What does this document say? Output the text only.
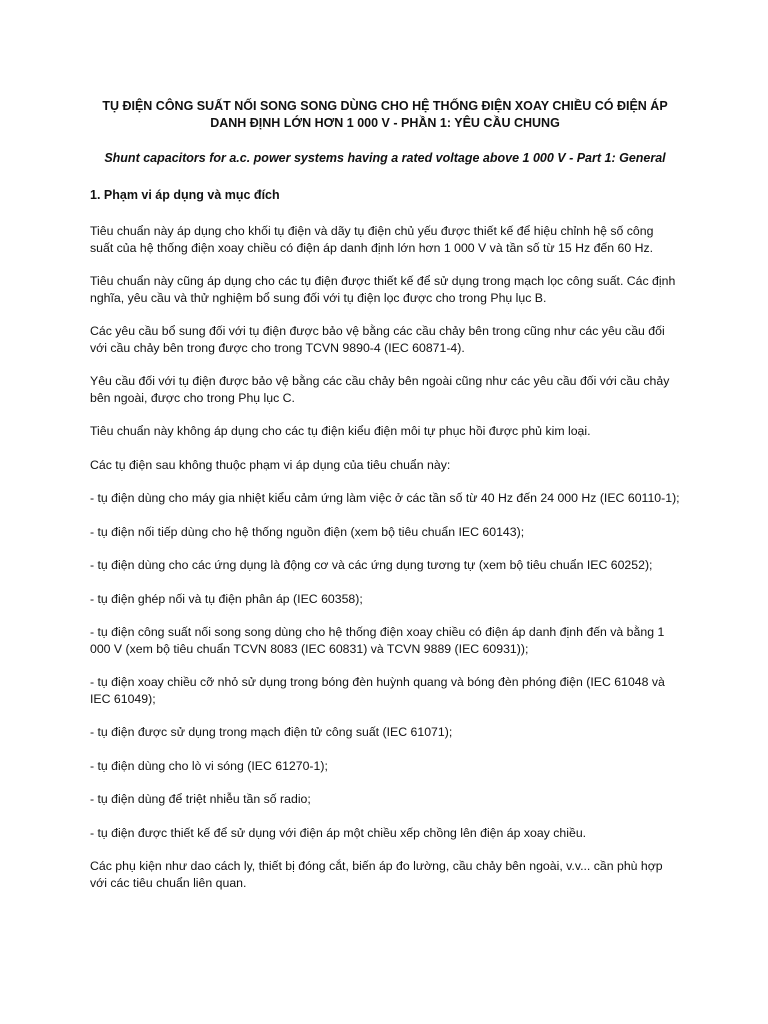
TỤ ĐIỆN CÔNG SUẤT NỐI SONG SONG DÙNG CHO HỆ THỐNG ĐIỆN XOAY CHIỀU CÓ ĐIỆN ÁP
DANH ĐỊNH LỚN HƠN 1 000 V - PHẦN 1: YÊU CẦU CHUNG

Shunt capacitors for a.c. power systems having a rated voltage above 1 000 V - Part 1: General

1. Phạm vi áp dụng và mục đích

Tiêu chuẩn này áp dụng cho khối tụ điện và dãy tụ điện chủ yếu được thiết kế để hiệu chỉnh hệ số công suất của hệ thống điện xoay chiều có điện áp danh định lớn hơn 1 000 V và tần số từ 15 Hz đến 60 Hz.

Tiêu chuẩn này cũng áp dụng cho các tụ điện được thiết kế để sử dụng trong mạch lọc công suất. Các định nghĩa, yêu cầu và thử nghiệm bổ sung đối với tụ điện lọc được cho trong Phụ lục B.

Các yêu cầu bổ sung đối với tụ điện được bảo vệ bằng các cầu chảy bên trong cũng như các yêu cầu đối với cầu chảy bên trong được cho trong TCVN 9890-4 (IEC 60871-4).

Yêu cầu đối với tụ điện được bảo vệ bằng các cầu chảy bên ngoài cũng như các yêu cầu đối với cầu chảy bên ngoài, được cho trong Phụ lục C.

Tiêu chuẩn này không áp dụng cho các tụ điện kiểu điện môi tự phục hồi được phủ kim loại.

Các tụ điện sau không thuộc phạm vi áp dụng của tiêu chuẩn này:

- tụ điện dùng cho máy gia nhiệt kiểu cảm ứng làm việc ở các tần số từ 40 Hz đến 24 000 Hz (IEC 60110-1);

- tụ điện nối tiếp dùng cho hệ thống nguồn điện (xem bộ tiêu chuẩn IEC 60143);

- tụ điện dùng cho các ứng dụng là động cơ và các ứng dụng tương tự (xem bộ tiêu chuẩn IEC 60252);

- tụ điện ghép nối và tụ điện phân áp (IEC 60358);

- tụ điện công suất nối song song dùng cho hệ thống điện xoay chiều có điện áp danh định đến và bằng 1 000 V (xem bộ tiêu chuẩn TCVN 8083 (IEC 60831) và TCVN 9889 (IEC 60931));

- tụ điện xoay chiều cỡ nhỏ sử dụng trong bóng đèn huỳnh quang và bóng đèn phóng điện (IEC 61048 và IEC 61049);

- tụ điện được sử dụng trong mạch điện tử công suất (IEC 61071);

- tụ điện dùng cho lò vi sóng (IEC 61270-1);

- tụ điện dùng để triệt nhiễu tần số radio;

- tụ điện được thiết kế để sử dụng với điện áp một chiều xếp chồng lên điện áp xoay chiều.

Các phụ kiện như dao cách ly, thiết bị đóng cắt, biến áp đo lường, cầu chảy bên ngoài, v.v... cần phù hợp với các tiêu chuẩn liên quan.
